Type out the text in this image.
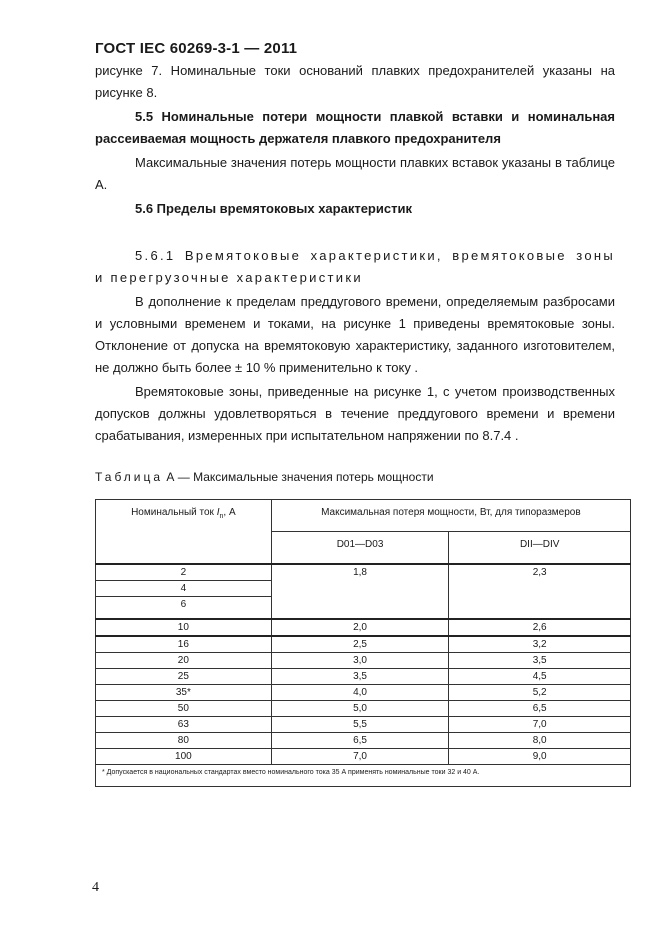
ГОСТ IEC 60269-3-1 — 2011
рисунке 7. Номинальные токи оснований плавких предохранителей указаны на рисунке 8.
5.5 Номинальные потери мощности плавкой вставки и номинальная рассеиваемая мощность держателя плавкого предохранителя
Максимальные значения потерь мощности плавких вставок указаны в таблице А.
5.6 Пределы времятоковых характеристик
5.6.1 Времятоковые характеристики, времятоковые зоны и перегрузочные характеристики
В дополнение к пределам преддугового времени, определяемым разбросами и условными временем и токами, на рисунке 1 приведены времятоковые зоны. Отклонение от допуска на времятоковую характеристику, заданного изготовителем, не должно быть более ± 10 % применительно к току .
Времятоковые зоны, приведенные на рисунке 1, с учетом производственных допусков должны удовлетворяться в течение преддугового времени и времени срабатывания, измеренных при испытательном напряжении по 8.7.4 .
Таблица А — Максимальные значения потерь мощности
Номинальный ток $I_n$, А	Максимальная потеря мощности, Вт, для типоразмеров	
	D01—D03	DII—DIV
2	1,8	2,3
4		
6		
10	2,0	2,6
16	2,5	3,2
20	3,0	3,5
25	3,5	4,5
35*	4,0	5,2
50	5,0	6,5
63	5,5	7,0
80	6,5	8,0
100	7,0	9,0
* Допускается в национальных стандартах вместо номинального тока 35 А применять номинальные токи 32 и 40 А.		
4
